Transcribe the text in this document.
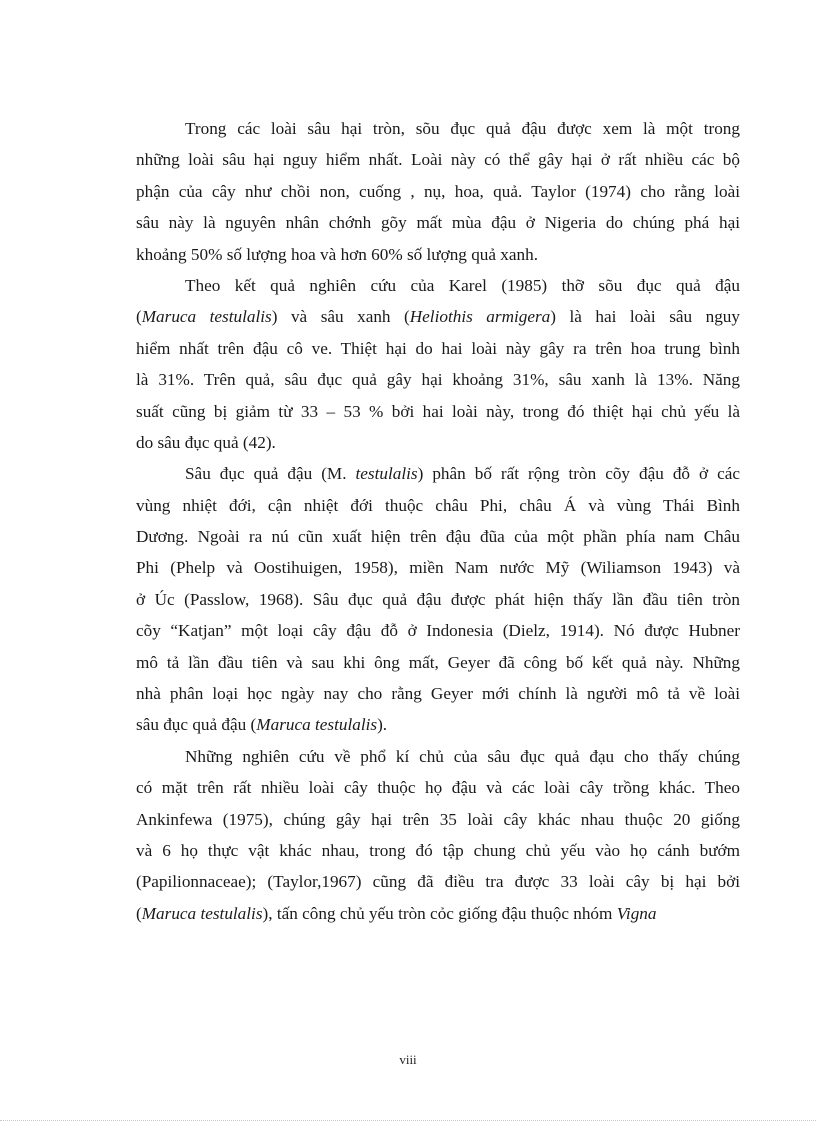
Trong các loài sâu hại tròn, sõu đục quả đậu được xem là một trong
những loài sâu hại nguy hiểm nhất. Loài này có thể gây hại ở rất nhiều các bộ
phận của cây như chồi non, cuống , nụ, hoa, quả. Taylor (1974) cho rằng loài
sâu này là nguyên nhân chớnh gõy mất mùa đậu ở Nigeria do chúng phá hại
khoảng 50% số lượng hoa và hơn 60% số lượng quả xanh.

Theo kết quả nghiên cứu của Karel (1985) thỡ sõu đục quả đậu
(Maruca testulalis) và sâu xanh (Heliothis armigera) là hai loài sâu nguy
hiểm nhất trên đậu cô ve. Thiệt hại do hai loài này gây ra trên hoa trung bình
là 31%. Trên quả, sâu đục quả gây hại khoảng 31%, sâu xanh là 13%. Năng
suất cũng bị giảm từ 33 – 53 % bởi hai loài này, trong đó thiệt hại chủ yếu là
do sâu đục quả (42).

Sâu đục quả đậu (M. testulalis) phân bố rất rộng tròn cõy đậu đỗ ở các
vùng nhiệt đới, cận nhiệt đới thuộc châu Phi, châu Á và vùng Thái Bình
Dương. Ngoài ra nú cũn xuất hiện trên đậu đũa của một phần phía nam Châu
Phi (Phelp và Oostihuigen, 1958), miền Nam nước Mỹ (Wiliamson 1943) và
ở Úc (Passlow, 1968). Sâu đục quả đậu được phát hiện thấy lần đầu tiên tròn
cõy “Katjan” một loại cây đậu đỗ ở Indonesia (Dielz, 1914). Nó được Hubner
mô tả lần đầu tiên và sau khi ông mất, Geyer đã công bố kết quả này. Những
nhà phân loại học ngày nay cho rằng Geyer mới chính là người mô tả về loài
sâu đục quả đậu (Maruca testulalis).

Những nghiên cứu về phổ kí chủ của sâu đục quả đạu cho thấy chúng
có mặt trên rất nhiều loài cây thuộc họ đậu và các loài cây trồng khác. Theo
Ankinfewa (1975), chúng gây hại trên 35 loài cây khác nhau thuộc 20 giống
và 6 họ thực vật khác nhau, trong đó tập chung chủ yếu vào họ cánh bướm
(Papilionnaceae); (Taylor,1967) cũng đã điều tra được 33 loài cây bị hại bởi
(Maruca testulalis), tấn công chủ yếu tròn cỏc giống đậu thuộc nhóm Vigna

viii
